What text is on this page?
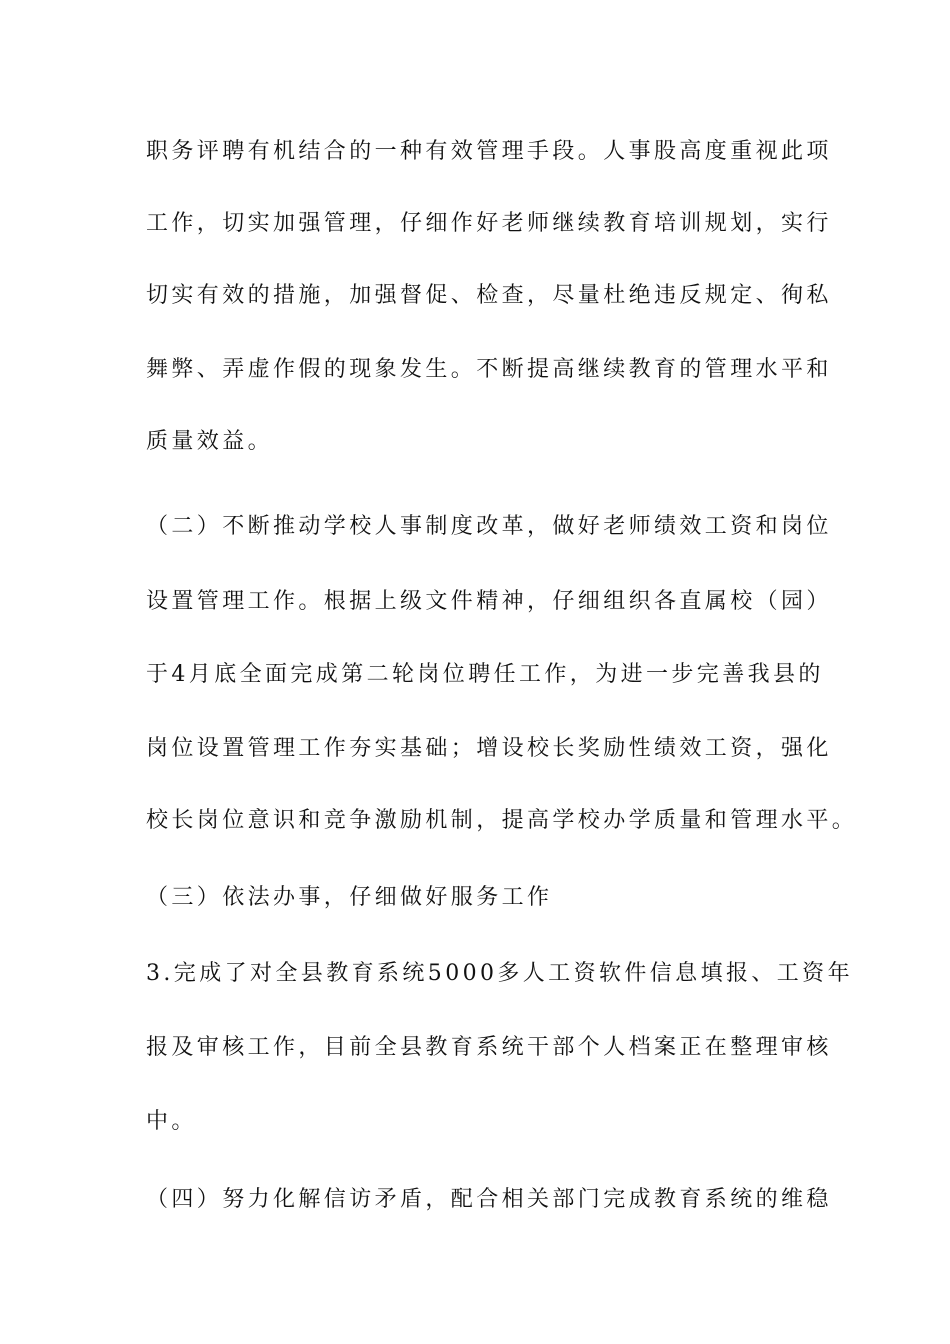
职务评聘有机结合的一种有效管理手段。人事股高度重视此项
工作，切实加强管理，仔细作好老师继续教育培训规划，实行
切实有效的措施，加强督促、检查，尽量杜绝违反规定、徇私
舞弊、弄虚作假的现象发生。不断提高继续教育的管理水平和
质量效益。
（二）不断推动学校人事制度改革，做好老师绩效工资和岗位
设置管理工作。根据上级文件精神，仔细组织各直属校（园）
于4月底全面完成第二轮岗位聘任工作，为进一步完善我县的
岗位设置管理工作夯实基础；增设校长奖励性绩效工资，强化
校长岗位意识和竞争激励机制，提高学校办学质量和管理水平。
（三）依法办事，仔细做好服务工作
3.完成了对全县教育系统5000多人工资软件信息填报、工资年
报及审核工作，目前全县教育系统干部个人档案正在整理审核
中。
（四）努力化解信访矛盾，配合相关部门完成教育系统的维稳
